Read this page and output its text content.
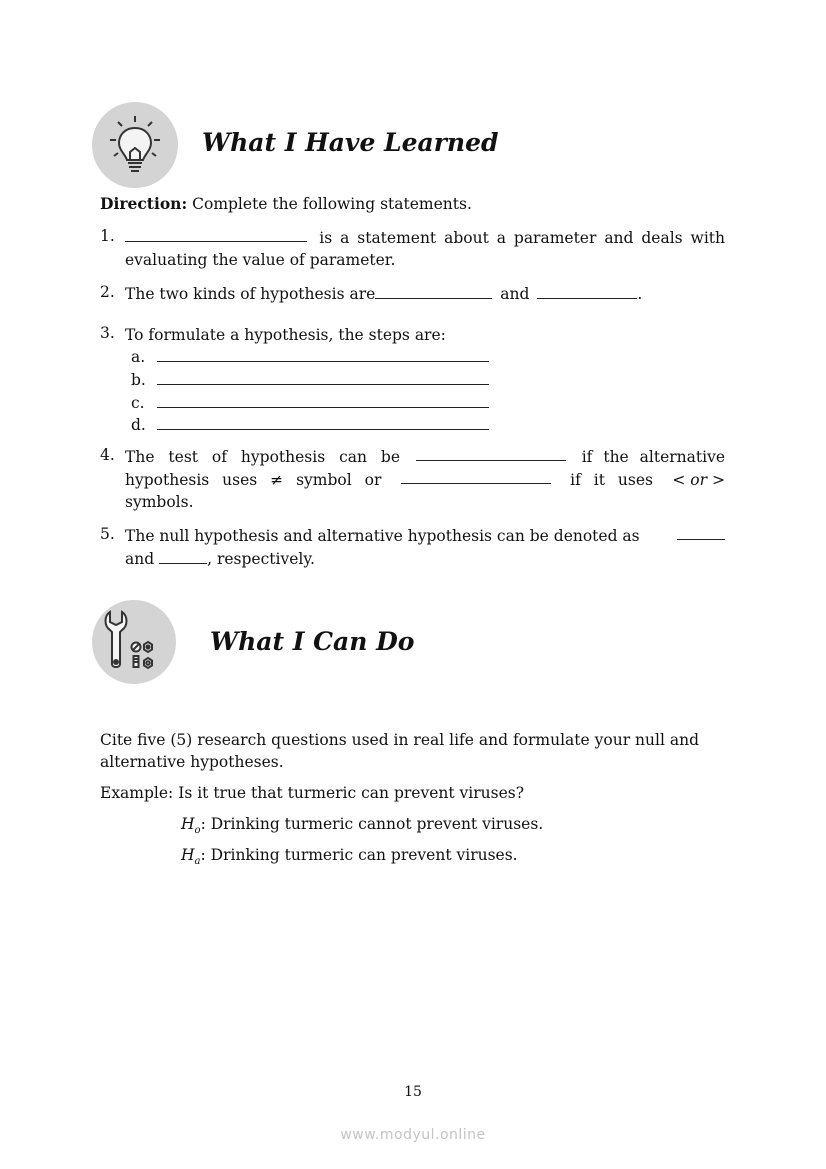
What I Have Learned
Direction: Complete the following statements.
1.	is a statement about a parameter and deals with
evaluating the value of parameter.
2. The two kinds of hypothesis are	and	.
3. To formulate a hypothesis, the steps are:
a.
b.
c.
d.
4. The test of hypothesis can be	if the alternative
hypothesis uses ≠ symbol or	if it uses < or >
symbols.
5. The null hypothesis and alternative hypothesis can be denoted as
and	, respectively.
What I Can Do
Cite five (5) research questions used in real life and formulate your null and
alternative hypotheses.
Example: Is it true that turmeric can prevent viruses?
$H_o$: Drinking turmeric cannot prevent viruses.
$H_a$: Drinking turmeric can prevent viruses.
15
www.modyul.online
